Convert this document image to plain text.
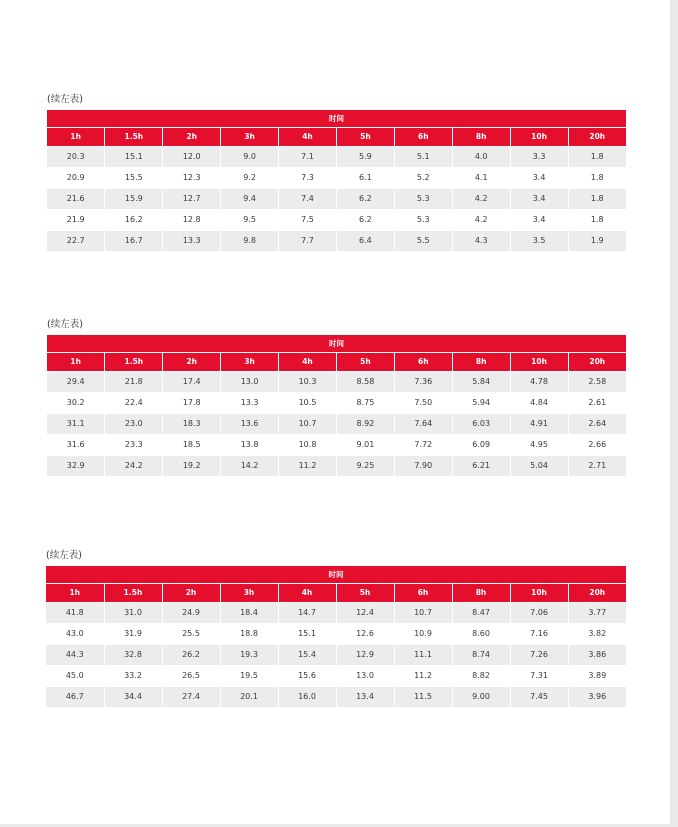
(续左表)
时间									
1h	1.5h	2h	3h	4h	5h	6h	8h	10h	20h
20.3	15.1	12.0	9.0	7.1	5.9	5.1	4.0	3.3	1.8
20.9	15.5	12.3	9.2	7.3	6.1	5.2	4.1	3.4	1.8
21.6	15.9	12.7	9.4	7.4	6.2	5.3	4.2	3.4	1.8
21.9	16.2	12.8	9.5	7.5	6.2	5.3	4.2	3.4	1.8
22.7	16.7	13.3	9.8	7.7	6.4	5.5	4.3	3.5	1.9
(续左表)
时间									
1h	1.5h	2h	3h	4h	5h	6h	8h	10h	20h
29.4	21.8	17.4	13.0	10.3	8.58	7.36	5.84	4.78	2.58
30.2	22.4	17.8	13.3	10.5	8.75	7.50	5.94	4.84	2.61
31.1	23.0	18.3	13.6	10.7	8.92	7.64	6.03	4.91	2.64
31.6	23.3	18.5	13.8	10.8	9.01	7.72	6.09	4.95	2.66
32.9	24.2	19.2	14.2	11.2	9.25	7.90	6.21	5.04	2.71
(续左表)
时间									
1h	1.5h	2h	3h	4h	5h	6h	8h	10h	20h
41.8	31.0	24.9	18.4	14.7	12.4	10.7	8.47	7.06	3.77
43.0	31.9	25.5	18.8	15.1	12.6	10.9	8.60	7.16	3.82
44.3	32.8	26.2	19.3	15.4	12.9	11.1	8.74	7.26	3.86
45.0	33.2	26.5	19.5	15.6	13.0	11.2	8.82	7.31	3.89
46.7	34.4	27.4	20.1	16.0	13.4	11.5	9.00	7.45	3.96
